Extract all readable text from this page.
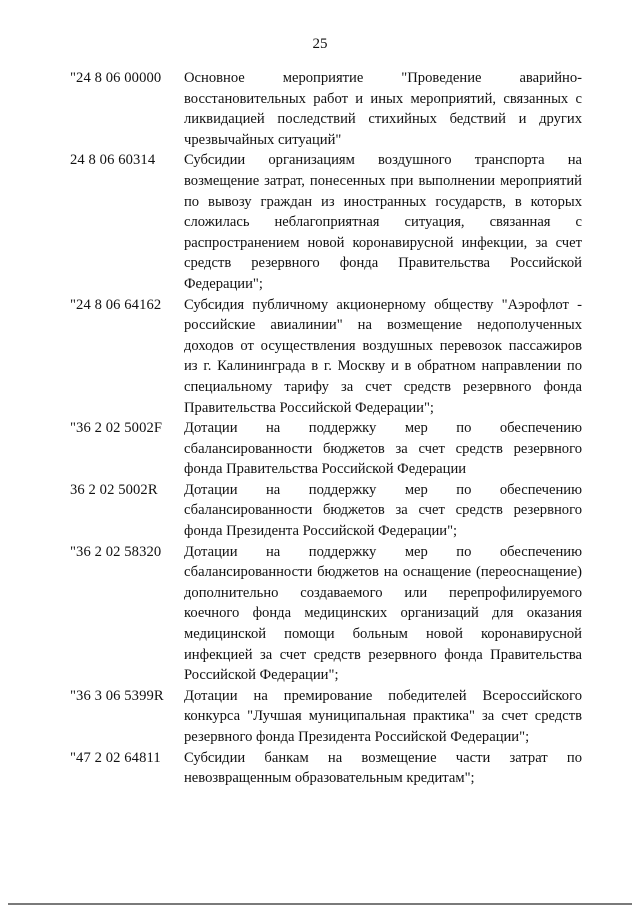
25
"24 8 06 00000	Основное мероприятие "Проведение аварийно-восстановительных работ и иных мероприятий, связанных с ликвидацией последствий стихийных бедствий и других чрезвычайных ситуаций"
24 8 06 60314	Субсидии организациям воздушного транспорта на возмещение затрат, понесенных при выполнении мероприятий по вывозу граждан из иностранных государств, в которых сложилась неблагоприятная ситуация, связанная с распространением новой коронавирусной инфекции, за счет средств резервного фонда Правительства Российской Федерации";
"24 8 06 64162	Субсидия публичному акционерному обществу "Аэрофлот - российские авиалинии" на возмещение недополученных доходов от осуществления воздушных перевозок пассажиров из г. Калининграда в г. Москву и в обратном направлении по специальному тарифу за счет средств резервного фонда Правительства Российской Федерации";
"36 2 02 5002F	Дотации на поддержку мер по обеспечению сбалансированности бюджетов за счет средств резервного фонда Правительства Российской Федерации
36 2 02 5002R	Дотации на поддержку мер по обеспечению сбалансированности бюджетов за счет средств резервного фонда Президента Российской Федерации";
"36 2 02 58320	Дотации на поддержку мер по обеспечению сбалансированности бюджетов на оснащение (переоснащение) дополнительно создаваемого или перепрофилируемого коечного фонда медицинских организаций для оказания медицинской помощи больным новой коронавирусной инфекцией за счет средств резервного фонда Правительства Российской Федерации";
"36 3 06 5399R	Дотации на премирование победителей Всероссийского конкурса "Лучшая муниципальная практика" за счет средств резервного фонда Президента Российской Федерации";
"47 2 02 64811	Субсидии банкам на возмещение части затрат по невозвращенным образовательным кредитам";
